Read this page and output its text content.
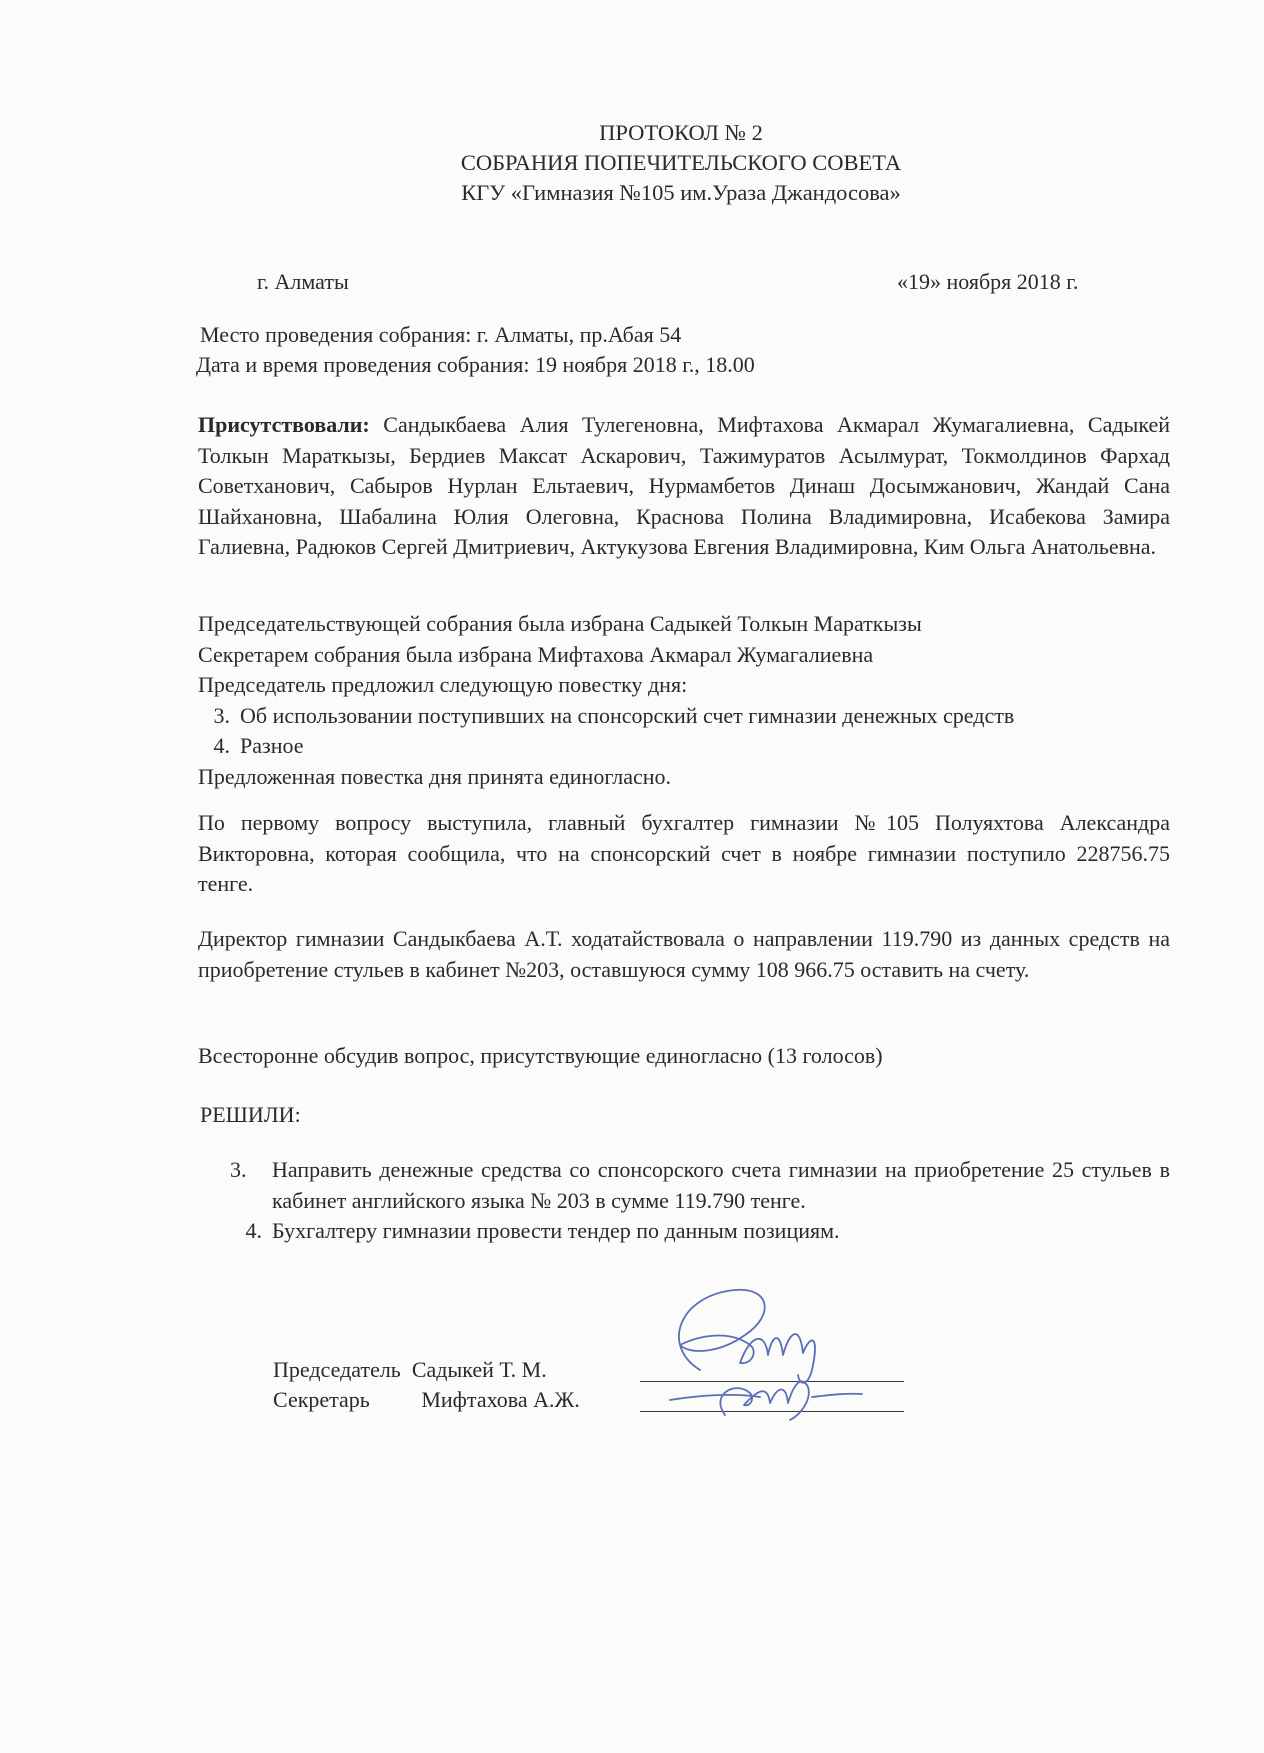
ПРОТОКОЛ № 2
СОБРАНИЯ ПОПЕЧИТЕЛЬСКОГО СОВЕТА
КГУ «Гимназия №105 им.Ураза Джандосова»
г. Алматы	«19» ноября 2018 г.
Место проведения собрания: г. Алматы, пр.Абая 54
Дата и время проведения собрания: 19 ноября 2018 г., 18.00
Присутствовали: Сандыкбаева Алия Тулегеновна, Мифтахова Акмарал Жумагалиевна, Садыкей Толкын Мараткызы, Бердиев Максат Аскарович, Тажимуратов Асылмурат, Токмолдинов Фархад Советханович, Сабыров Нурлан Ельтаевич, Нурмамбетов Динаш Досымжанович, Жандай Сана Шайхановна, Шабалина Юлия Олеговна, Краснова Полина Владимировна, Исабекова Замира Галиевна, Радюков Сергей Дмитриевич, Актукузова Евгения Владимировна, Ким Ольга Анатольевна.
Председательствующей собрания была избрана Садыкей Толкын Мараткызы
Секретарем собрания была избрана Мифтахова Акмарал Жумагалиевна
Председатель предложил следующую повестку дня:
3. Об использовании поступивших на спонсорский счет гимназии денежных средств
4. Разное
Предложенная повестка дня принята единогласно.
По первому вопросу выступила, главный бухгалтер гимназии №105 Полуяхтова Александра Викторовна, которая сообщила, что на спонсорский счет в ноябре гимназии поступило 228756.75 тенге.
Директор гимназии Сандыкбаева А.Т. ходатайствовала о направлении 119.790 из данных средств на приобретение стульев в кабинет №203, оставшуюся сумму 108 966.75 оставить на счету.
Всесторонне обсудив вопрос, присутствующие единогласно (13 голосов)
РЕШИЛИ:
3. Направить денежные средства со спонсорского счета гимназии на приобретение 25 стульев в кабинет английского языка № 203 в сумме 119.790 тенге.
4. Бухгалтеру гимназии провести тендер по данным позициям.
Председатель Садыкей Т. М.
Секретарь Мифтахова А.Ж.
